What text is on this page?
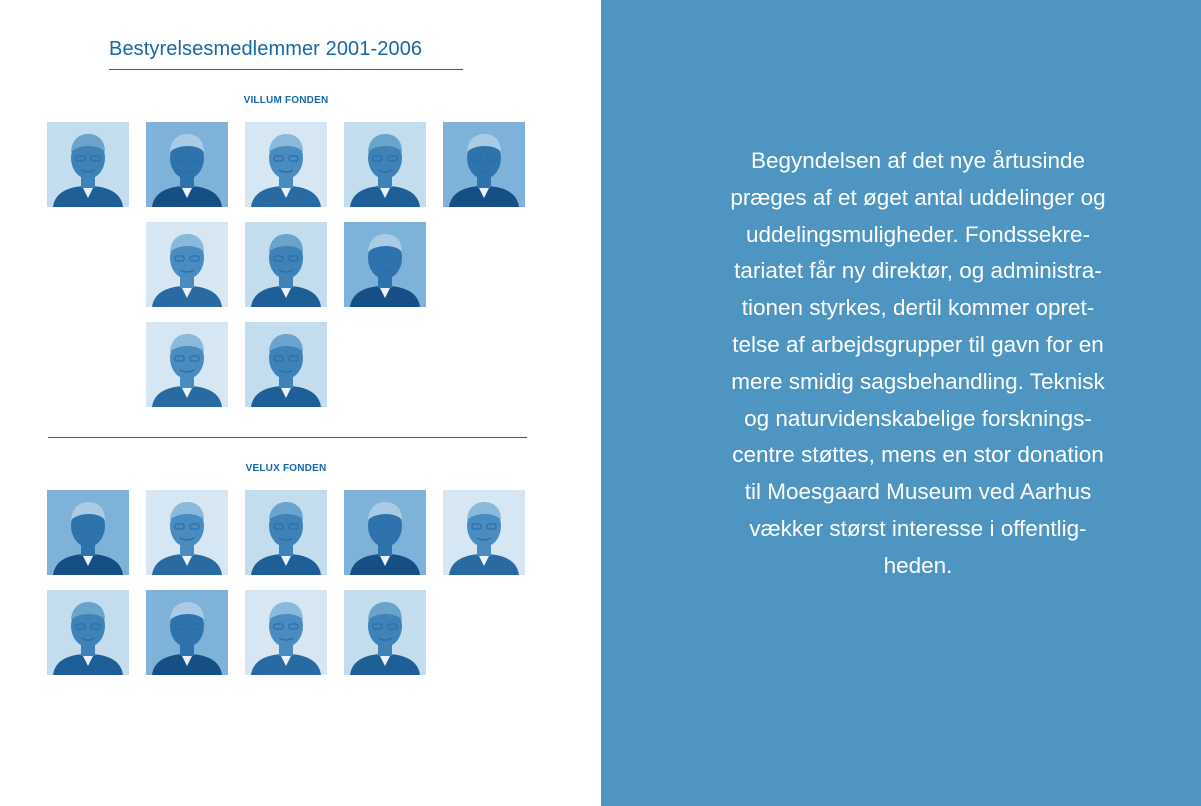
Bestyrelsesmedlemmer 2001-2006
VILLUM FONDEN
VELUX FONDEN
Begyndelsen af det nye årtusinde
præges af et øget antal uddelinger og
uddelingsmuligheder. Fondssekre-
tariatet får ny direktør, og administra-
tionen styrkes, dertil kommer opret-
telse af arbejdsgrupper til gavn for en
mere smidig sagsbehandling. Teknisk
og naturvidenskabelige forsknings-
centre støttes, mens en stor donation
til Moesgaard Museum ved Aarhus
vækker størst interesse i offentlig-
heden.
